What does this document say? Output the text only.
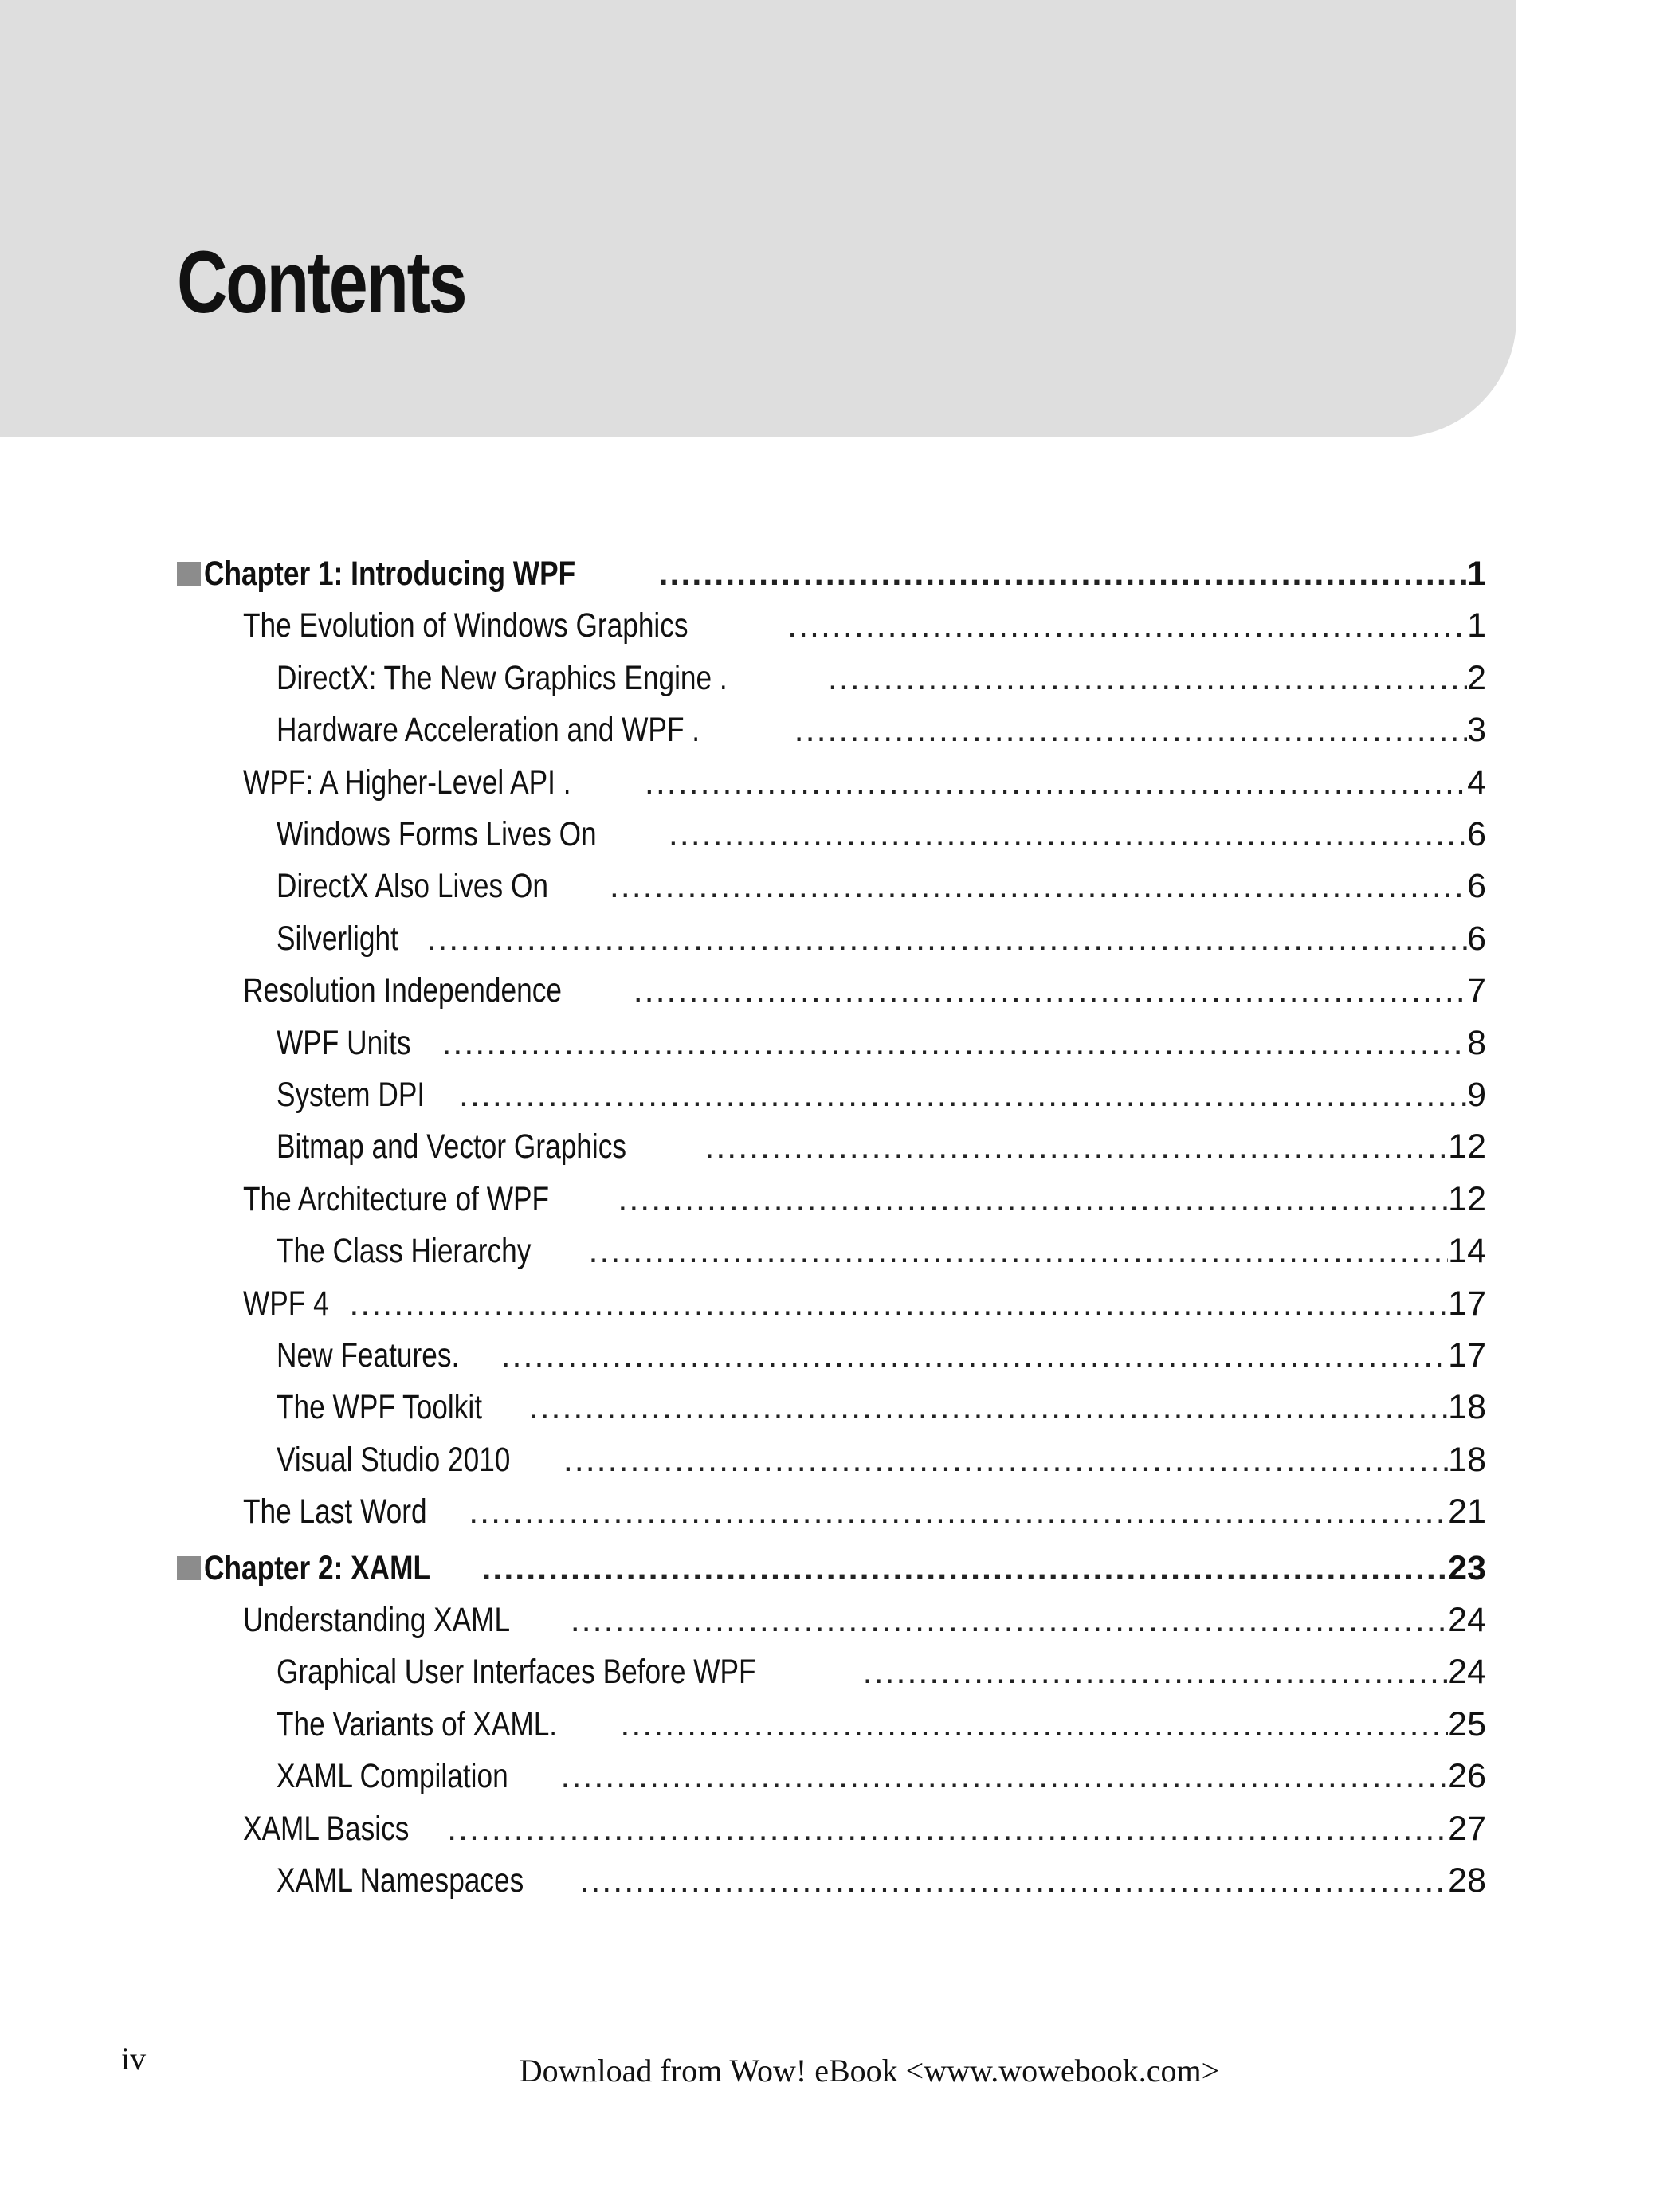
Contents
Chapter 1: Introducing WPF .....	1
The Evolution of Windows Graphics .....	1
DirectX: The New Graphics Engine . .....	2
Hardware Acceleration and WPF . .....	3
WPF: A Higher-Level API . .....	4
Windows Forms Lives On .....	6
DirectX Also Lives On .....	6
Silverlight .....	6
Resolution Independence .....	7
WPF Units .....	8
System DPI .....	9
Bitmap and Vector Graphics .....	12
The Architecture of WPF .....	12
The Class Hierarchy .....	14
WPF 4 .....	17
New Features. .....	17
The WPF Toolkit .....	18
Visual Studio 2010 .....	18
The Last Word .....	21
Chapter 2: XAML .....	23
Understanding XAML .....	24
Graphical User Interfaces Before WPF .....	24
The Variants of XAML. .....	25
XAML Compilation .....	26
XAML Basics .....	27
XAML Namespaces .....	28
iv	Download from Wow! eBook <www.wowebook.com>
